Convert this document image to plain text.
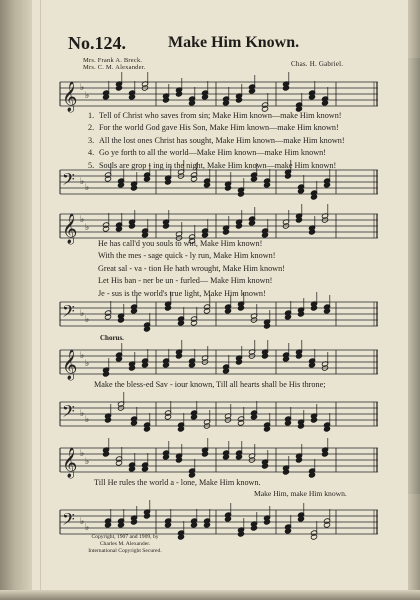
No.124.	Make Him Known.
Mrs. Frank A. Breck.
Mrs. C. M. Alexander.	Chas. H. Gabriel.
𝄞 ♭
♭
𝄢 ♭
♭
1. Tell of Christ who saves from sin; Make Him known—make Him known!
2. For the world God gave His Son, Make Him known—make Him known!
3. All the lost ones Christ has sought, Make Him known—make Him known!
4. Go ye forth to all the world—Make Him known—make Him known!
5. Souls are grop - ing in the night, Make Him known—make Him known!
𝄞 ♭
♭
𝄢 ♭
♭
He has call'd you souls to win, Make Him known!
With the mes - sage quick - ly run, Make Him known!
Great sal - va - tion He hath wrought, Make Him known!
Let His ban - ner be un - furled— Make Him known!
Je - sus is the world's true light, Make Him known!
Chorus.
𝄞 ♭
♭
Make the bless-ed Sav - iour known, Till all hearts shall be His throne;
𝄢 ♭
♭
𝄞 ♭
♭
Till He rules the world a - lone, Make Him known.
Make Him, make Him known.
𝄢 ♭
♭
Copyright, 1907 and 1909, by
Charles M. Alexander.
International Copyright Secured.
